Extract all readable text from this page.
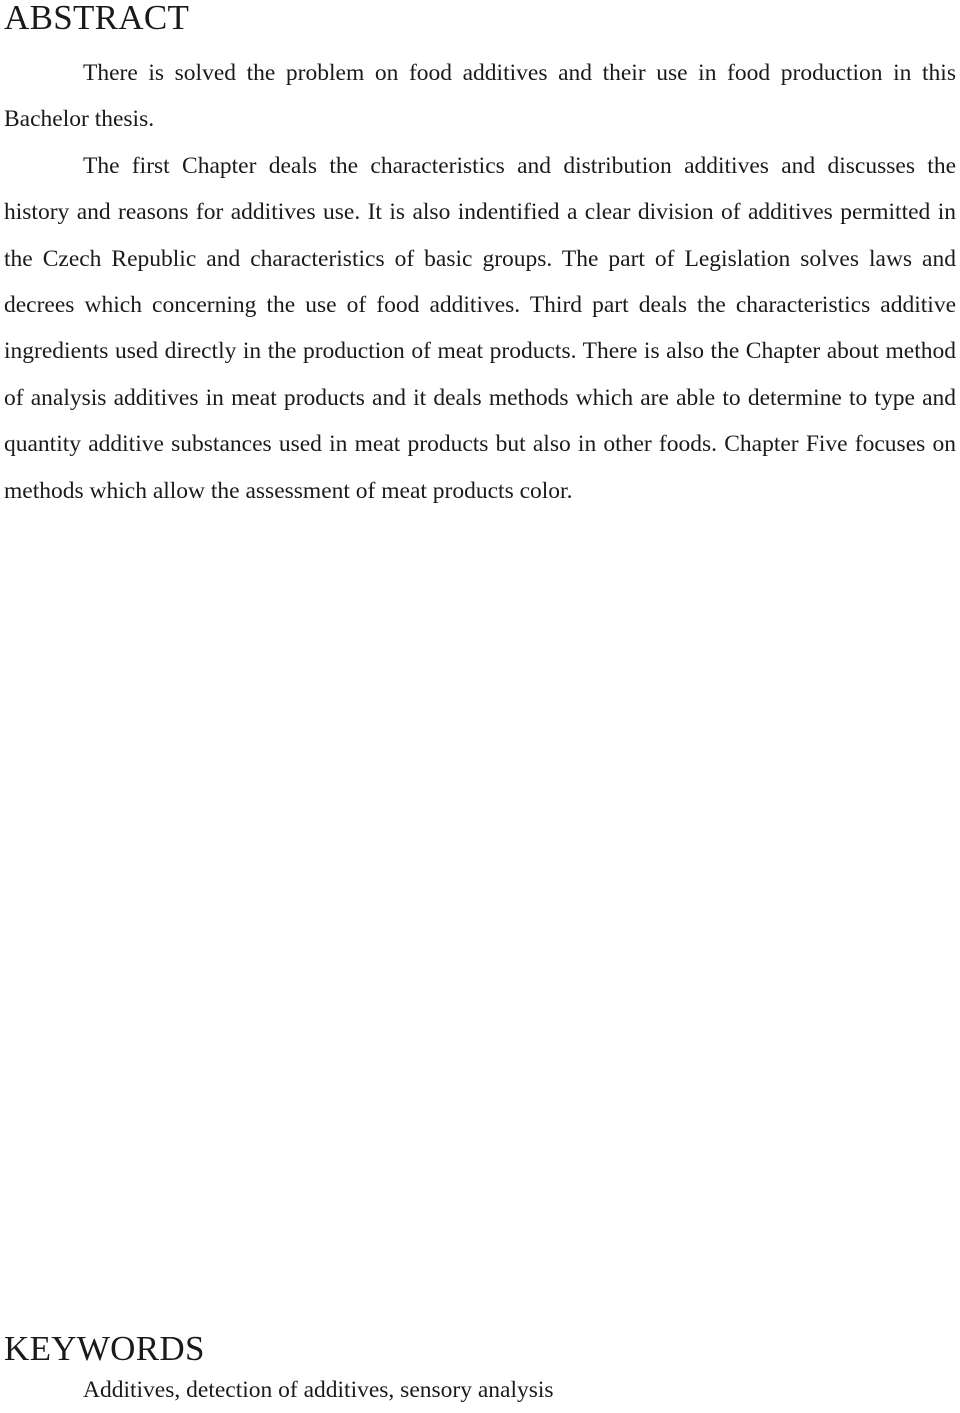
ABSTRACT

There is solved the problem on food additives and their use in food production in this Bachelor thesis.

The first Chapter deals the characteristics and distribution additives and discusses the history and reasons for additives use. It is also indentified a clear division of additives permitted in the Czech Republic and characteristics of basic groups. The part of Legislation solves laws and decrees which concerning the use of food additives. Third part deals the characteristics additive ingredients used directly in the production of meat products. There is also the Chapter about method of analysis additives in meat products and it deals methods which are able to determine to type and quantity additive substances used in meat products but also in other foods. Chapter Five focuses on methods which allow the assessment of meat products color.

KEYWORDS

Additives, detection of additives, sensory analysis
